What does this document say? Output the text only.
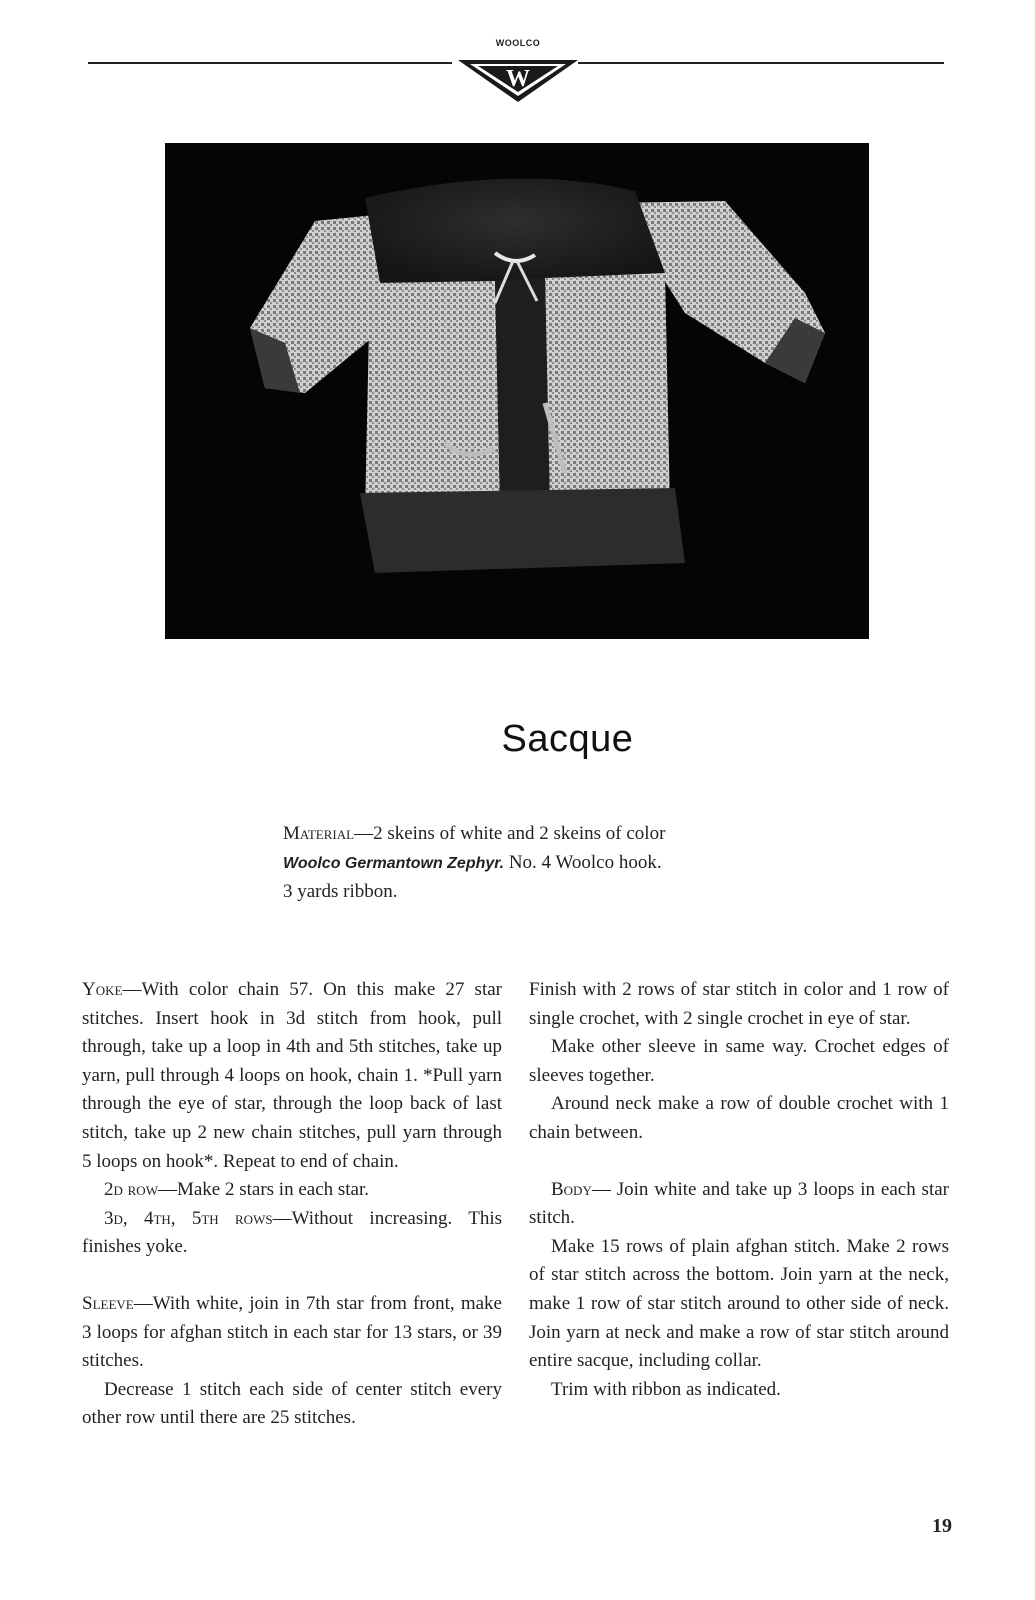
WOOLCO
W
Sacque

Material—2 skeins of white and 2 skeins of color

Woolco Germantown Zephyr. No. 4 Woolco hook.

3 yards ribbon.

Yoke—With color chain 57. On this make 27 star stitches. Insert hook in 3d stitch from hook, pull through, take up a loop in 4th and 5th stitches, take up yarn, pull through 4 loops on hook, chain 1. *Pull yarn through the eye of star, through the loop back of last stitch, take up 2 new chain stitches, pull yarn through 5 loops on hook*. Repeat to end of chain.

2d row—Make 2 stars in each star.

3d, 4th, 5th rows—Without increasing. This finishes yoke.

Sleeve—With white, join in 7th star from front, make 3 loops for afghan stitch in each star for 13 stars, or 39 stitches.

Decrease 1 stitch each side of center stitch every other row until there are 25 stitches.

Finish with 2 rows of star stitch in color and 1 row of single crochet, with 2 single crochet in eye of star.

Make other sleeve in same way. Crochet edges of sleeves together.

Around neck make a row of double crochet with 1 chain between.

Body— Join white and take up 3 loops in each star stitch.

Make 15 rows of plain afghan stitch. Make 2 rows of star stitch across the bottom. Join yarn at the neck, make 1 row of star stitch around to other side of neck. Join yarn at neck and make a row of star stitch around entire sacque, including collar.

Trim with ribbon as indicated.

19
